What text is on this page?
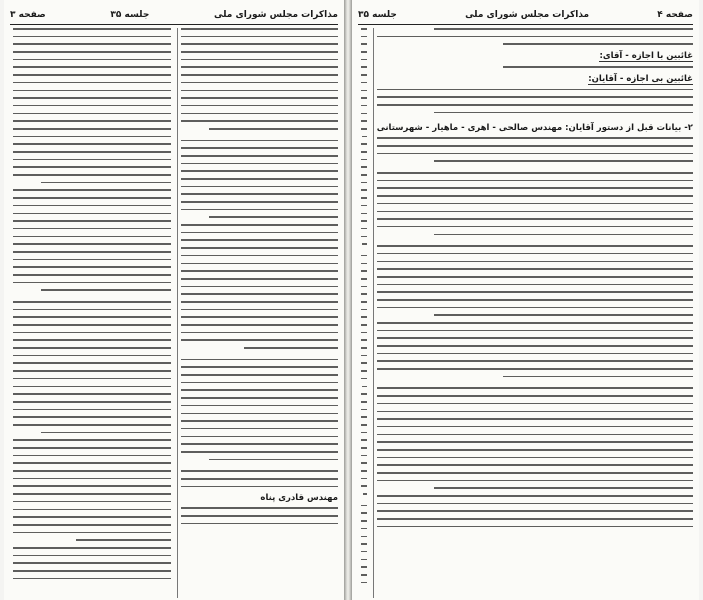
مذاکرات مجلس شورای ملی
جلسه ۳۵
صفحه ۳
مهندس قادری پناه
صفحه ۴
مذاکرات مجلس شورای ملی
جلسه ۳۵
غائبین با اجازه - آقای:
غائبین بی اجازه - آقایان:
۲- بیانات قبل از دستور آقایان: مهندس صالحی - اهری - ماهیار - شهرستانی
